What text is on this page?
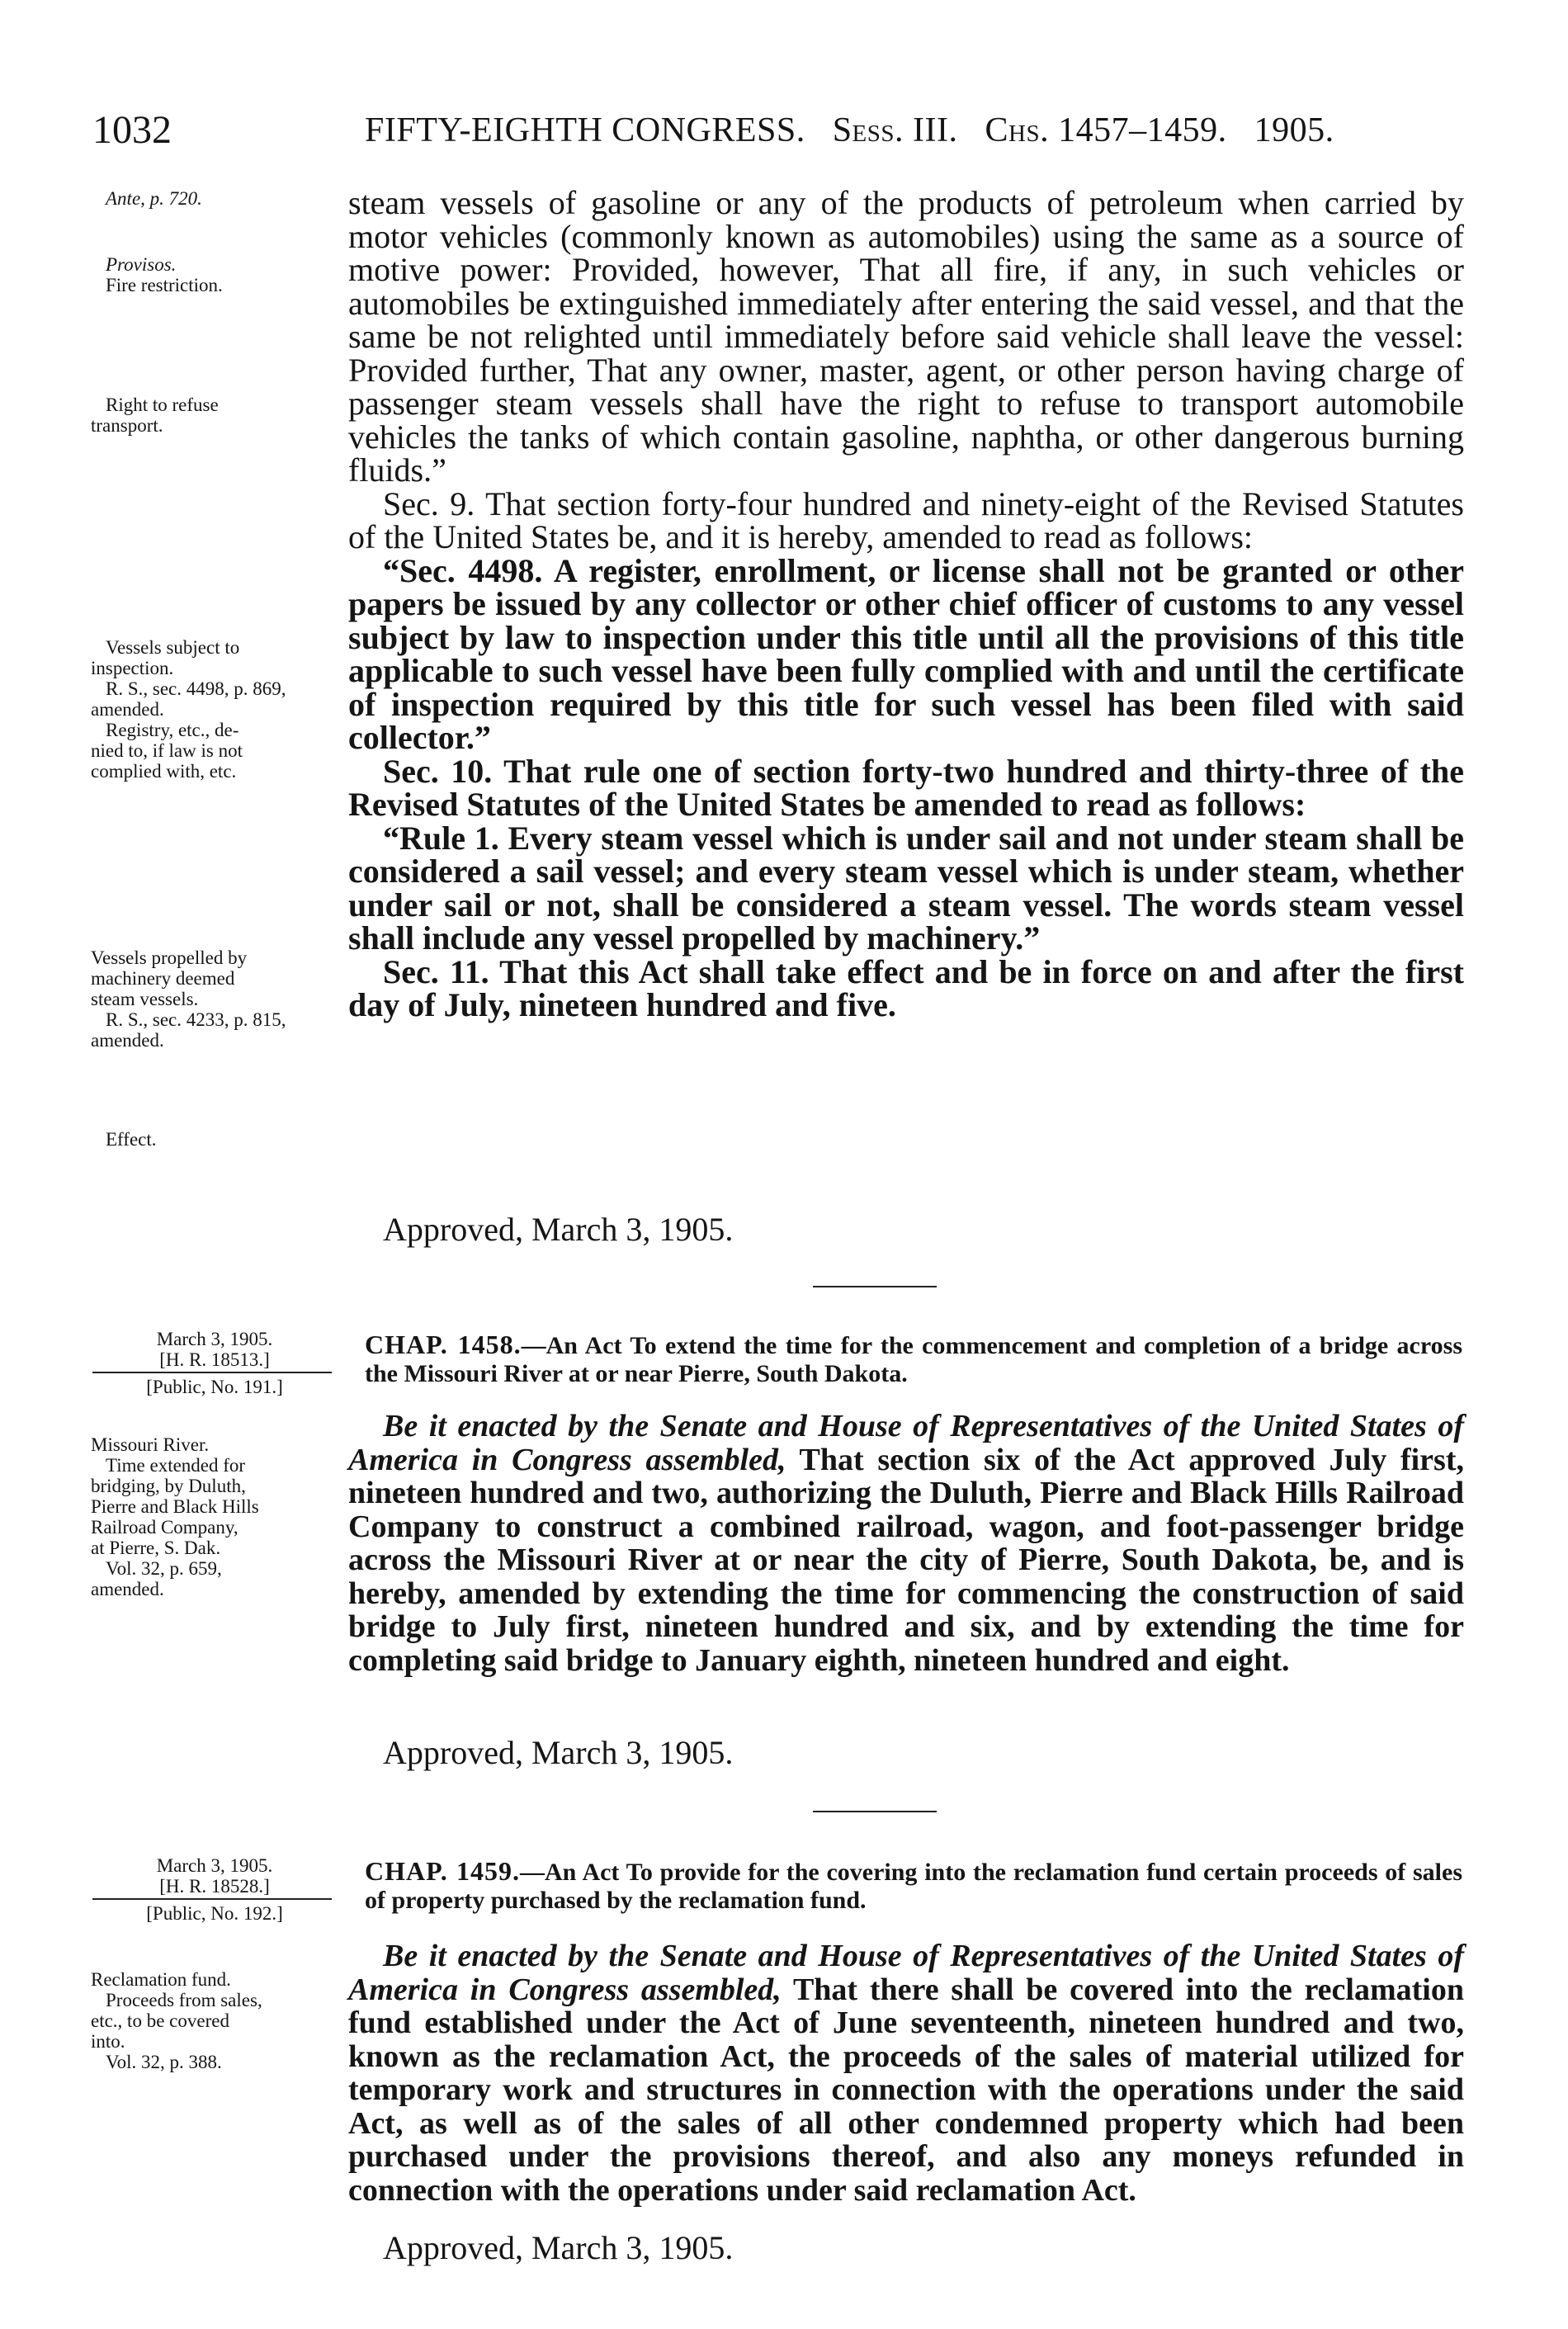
1032	FIFTY-EIGHTH CONGRESS. Sess. III. Chs. 1457–1459. 1905.

Ante, p. 720.

Provisos.

Fire restriction.

Right to refuse

transport.

Vessels subject to

inspection.

R. S., sec. 4498, p. 869,

amended.

Registry, etc., de-

nied to, if law is not

complied with, etc.

Vessels propelled by

machinery deemed

steam vessels.

R. S., sec. 4233, p. 815,

amended.

Effect.

steam vessels of gasoline or any of the products of petroleum when carried by motor vehicles (commonly known as automobiles) using the same as a source of motive power: Provided, however, That all fire, if any, in such vehicles or automobiles be extinguished immediately after entering the said vessel, and that the same be not relighted until immediately before said vehicle shall leave the vessel: Provided further, That any owner, master, agent, or other person having charge of passenger steam vessels shall have the right to refuse to transport automobile vehicles the tanks of which contain gasoline, naphtha, or other dangerous burning fluids.”

Sec. 9. That section forty-four hundred and ninety-eight of the Revised Statutes of the United States be, and it is hereby, amended to read as follows:

“Sec. 4498. A register, enrollment, or license shall not be granted or other papers be issued by any collector or other chief officer of customs to any vessel subject by law to inspection under this title until all the provisions of this title applicable to such vessel have been fully complied with and until the certificate of inspection required by this title for such vessel has been filed with said collector.”

Sec. 10. That rule one of section forty-two hundred and thirty-three of the Revised Statutes of the United States be amended to read as follows:

“Rule 1. Every steam vessel which is under sail and not under steam shall be considered a sail vessel; and every steam vessel which is under steam, whether under sail or not, shall be considered a steam vessel. The words steam vessel shall include any vessel propelled by machinery.”

Sec. 11. That this Act shall take effect and be in force on and after the first day of July, nineteen hundred and five.

Approved, March 3, 1905.

March 3, 1905.

[H. R. 18513.]

[Public, No. 191.]

CHAP. 1458.—An Act To extend the time for the commencement and completion of a bridge across the Missouri River at or near Pierre, South Dakota.

Missouri River.

Time extended for

bridging, by Duluth,

Pierre and Black Hills

Railroad Company,

at Pierre, S. Dak.

Vol. 32, p. 659,

amended.

Be it enacted by the Senate and House of Representatives of the United States of America in Congress assembled, That section six of the Act approved July first, nineteen hundred and two, authorizing the Duluth, Pierre and Black Hills Railroad Company to construct a combined railroad, wagon, and foot-passenger bridge across the Missouri River at or near the city of Pierre, South Dakota, be, and is hereby, amended by extending the time for commencing the construction of said bridge to July first, nineteen hundred and six, and by extending the time for completing said bridge to January eighth, nineteen hundred and eight.

Approved, March 3, 1905.

March 3, 1905.

[H. R. 18528.]

[Public, No. 192.]

CHAP. 1459.—An Act To provide for the covering into the reclamation fund certain proceeds of sales of property purchased by the reclamation fund.

Reclamation fund.

Proceeds from sales,

etc., to be covered

into.

Vol. 32, p. 388.

Be it enacted by the Senate and House of Representatives of the United States of America in Congress assembled, That there shall be covered into the reclamation fund established under the Act of June seventeenth, nineteen hundred and two, known as the reclamation Act, the proceeds of the sales of material utilized for temporary work and structures in connection with the operations under the said Act, as well as of the sales of all other condemned property which had been purchased under the provisions thereof, and also any moneys refunded in connection with the operations under said reclamation Act.

Approved, March 3, 1905.
